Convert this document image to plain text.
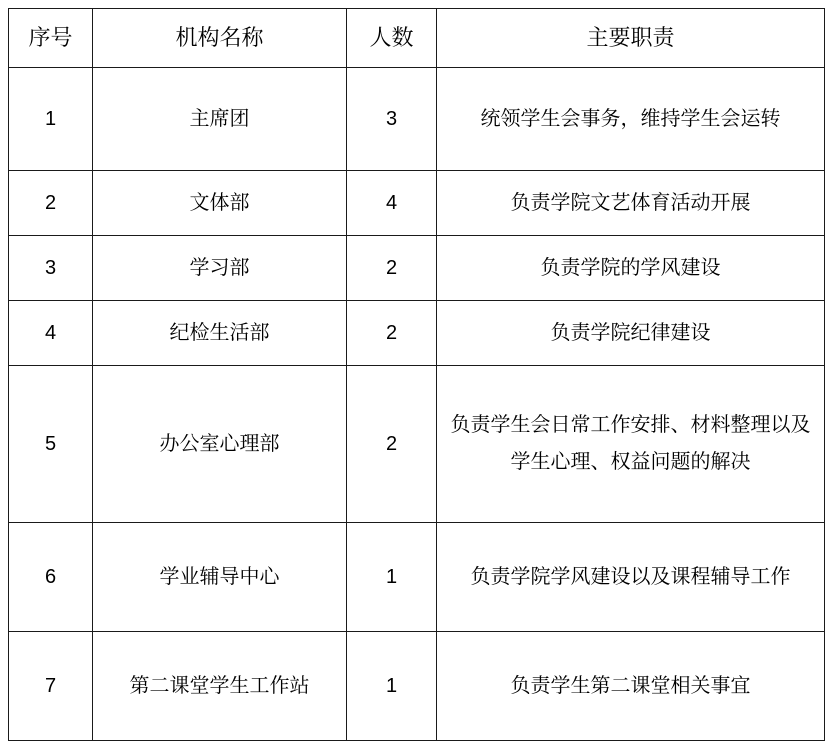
序号	机构名称	人数	主要职责
1	主席团	3	统领学生会事务，维持学生会运转
2	文体部	4	负责学院文艺体育活动开展
3	学习部	2	负责学院的学风建设
4	纪检生活部	2	负责学院纪律建设
5	办公室心理部	2	负责学生会日常工作安排、材料整理以及学生心理、权益问题的解决
6	学业辅导中心	1	负责学院学风建设以及课程辅导工作
7	第二课堂学生工作站	1	负责学生第二课堂相关事宜
